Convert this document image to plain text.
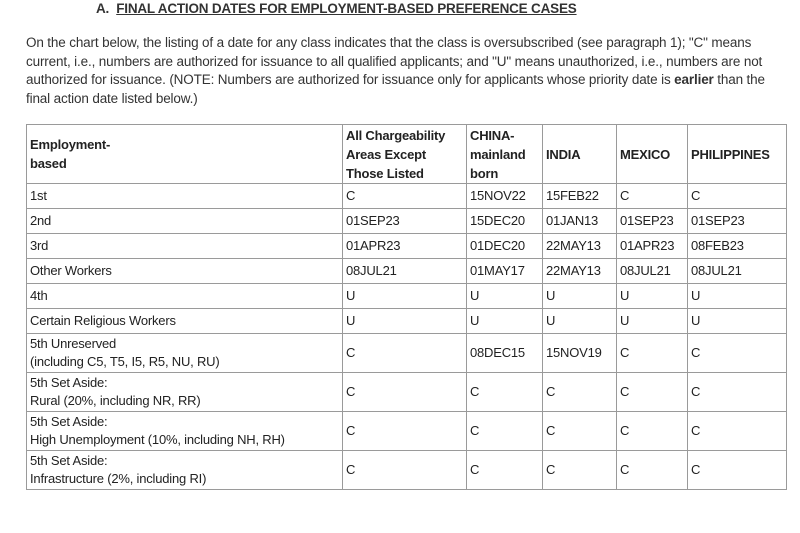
A. FINAL ACTION DATES FOR EMPLOYMENT-BASED PREFERENCE CASES
On the chart below, the listing of a date for any class indicates that the class is oversubscribed (see paragraph 1); "C" means current, i.e., numbers are authorized for issuance to all qualified applicants; and "U" means unauthorized, i.e., numbers are not authorized for issuance. (NOTE: Numbers are authorized for issuance only for applicants whose priority date is earlier than the final action date listed below.)
Employment-
based	All Chargeability
Areas Except
Those Listed	CHINA-
mainland
born	INDIA	MEXICO	PHILIPPINES
1st	C	15NOV22	15FEB22	C	C
2nd	01SEP23	15DEC20	01JAN13	01SEP23	01SEP23
3rd	01APR23	01DEC20	22MAY13	01APR23	08FEB23
Other Workers	08JUL21	01MAY17	22MAY13	08JUL21	08JUL21
4th	U	U	U	U	U
Certain Religious Workers	U	U	U	U	U
5th Unreserved
(including C5, T5, I5, R5, NU, RU)	C	08DEC15	15NOV19	C	C
5th Set Aside:
Rural (20%, including NR, RR)	C	C	C	C	C
5th Set Aside:
High Unemployment (10%, including NH, RH)	C	C	C	C	C
5th Set Aside:
Infrastructure (2%, including RI)	C	C	C	C	C
